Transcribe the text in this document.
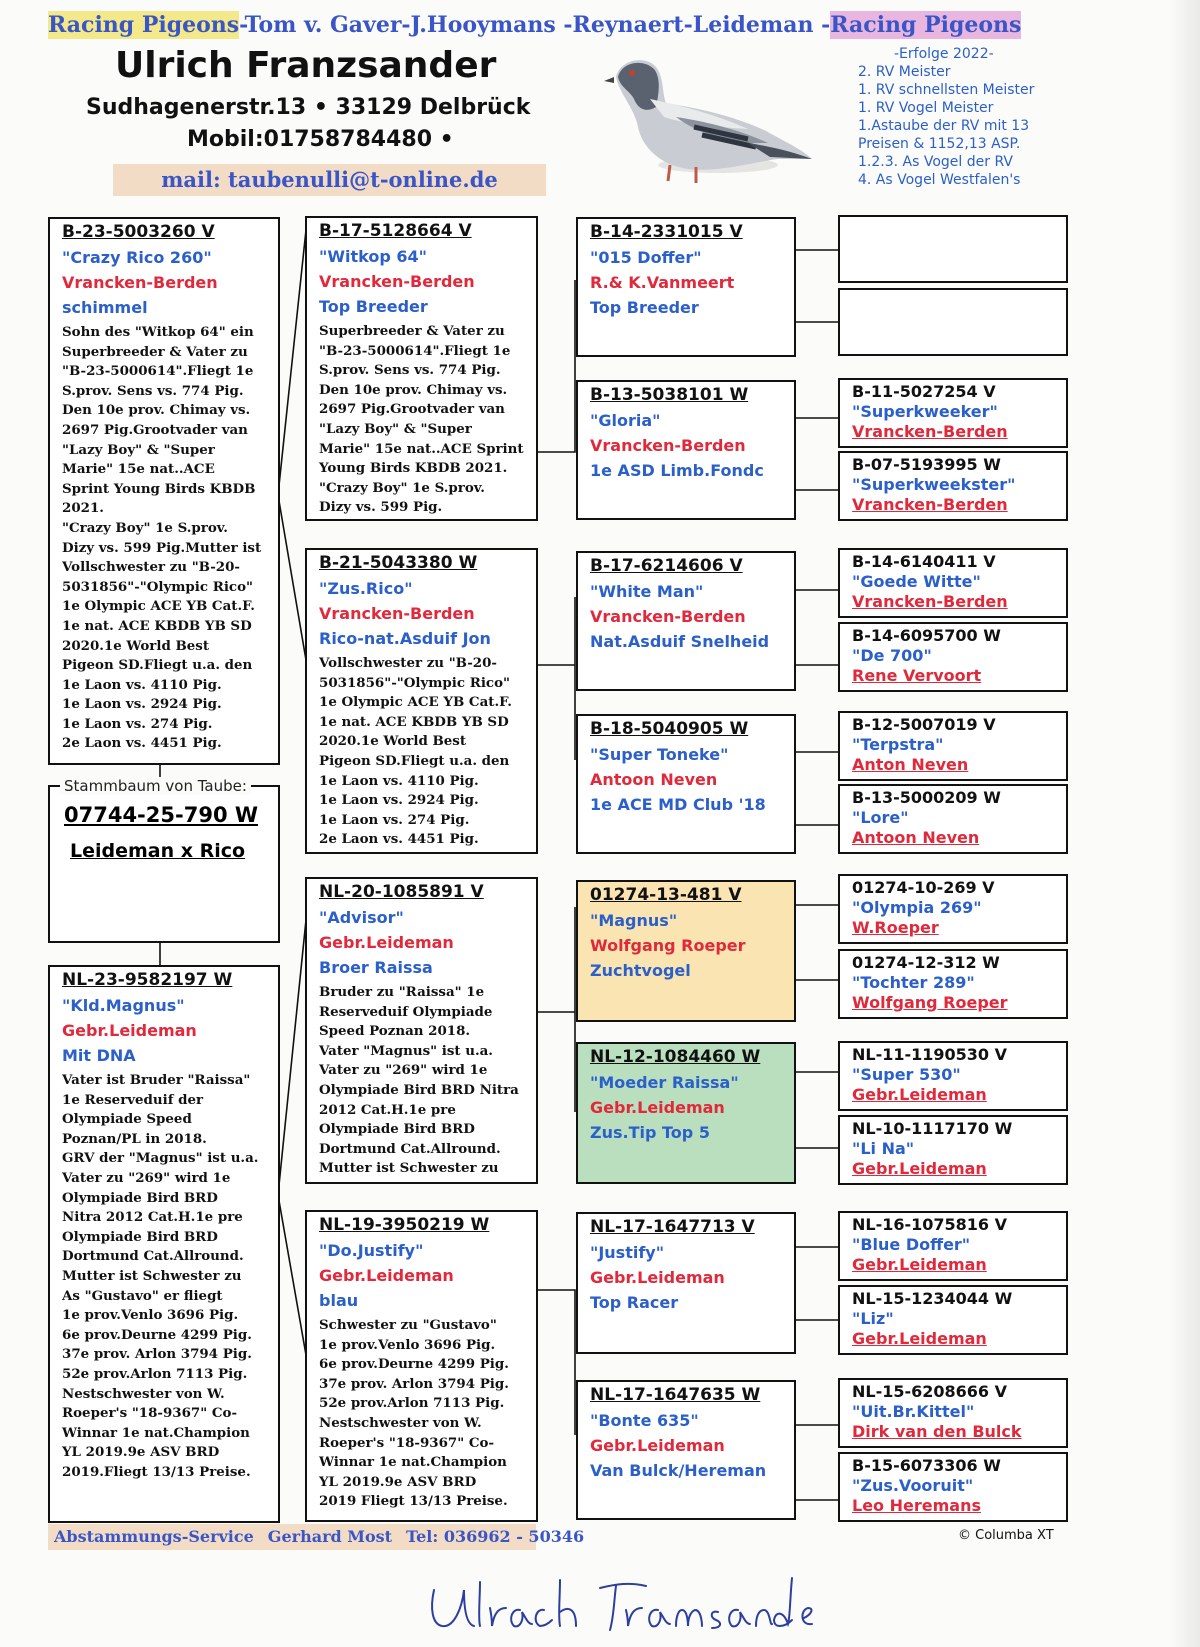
Racing Pigeons-Tom v. Gaver-J.Hooymans -Reynaert-Leideman -Racing Pigeons
Ulrich Franzsander
Sudhagenerstr.13 • 33129 Delbrück
Mobil:01758784480 •
mail: taubenulli@t-online.de
-Erfolge 2022-
2. RV Meister
1. RV schnellsten Meister
1. RV Vogel Meister
1.Astaube der RV mit 13
Preisen & 1152,13 ASP.
1.2.3. As Vogel der RV
4. As Vogel Westfalen's
B-23-5003260 V
"Crazy Rico 260"
Vrancken-Berden
schimmel
Sohn des "Witkop 64" ein
Superbreeder & Vater zu
"B-23-5000614".Fliegt 1e
S.prov. Sens vs. 774 Pig.
Den 10e prov. Chimay vs.
2697 Pig.Grootvader van
"Lazy Boy" & "Super
Marie" 15e nat..ACE
Sprint Young Birds KBDB
2021.
"Crazy Boy" 1e S.prov.
Dizy vs. 599 Pig.Mutter ist
Vollschwester zu "B-20-
5031856"-"Olympic Rico"
1e Olympic ACE YB Cat.F.
1e nat. ACE KBDB YB SD
2020.1e World Best
Pigeon SD.Fliegt u.a. den
1e Laon vs. 4110 Pig.
1e Laon vs. 2924 Pig.
1e Laon vs. 274 Pig.
2e Laon vs. 4451 Pig.
Stammbaum von Taube:
07744-25-790 W
Leideman x Rico
NL-23-9582197 W
"Kld.Magnus"
Gebr.Leideman
Mit DNA
Vater ist Bruder "Raissa"
1e Reserveduif der
Olympiade Speed
Poznan/PL in 2018.
GRV der "Magnus" ist u.a.
Vater zu "269" wird 1e
Olympiade Bird BRD
Nitra 2012 Cat.H.1e pre
Olympiade Bird BRD
Dortmund Cat.Allround.
Mutter ist Schwester zu
As "Gustavo" er fliegt
1e prov.Venlo 3696 Pig.
6e prov.Deurne 4299 Pig.
37e prov. Arlon 3794 Pig.
52e prov.Arlon 7113 Pig.
Nestschwester von W.
Roeper's "18-9367" Co-
Winnar 1e nat.Champion
YL 2019.9e ASV BRD
2019.Fliegt 13/13 Preise.
B-17-5128664 V
"Witkop 64"
Vrancken-Berden
Top Breeder
Superbreeder & Vater zu
"B-23-5000614".Fliegt 1e
S.prov. Sens vs. 774 Pig.
Den 10e prov. Chimay vs.
2697 Pig.Grootvader van
"Lazy Boy" & "Super
Marie" 15e nat..ACE Sprint
Young Birds KBDB 2021.
"Crazy Boy" 1e S.prov.
Dizy vs. 599 Pig.
B-21-5043380 W
"Zus.Rico"
Vrancken-Berden
Rico-nat.Asduif Jon
Vollschwester zu "B-20-
5031856"-"Olympic Rico"
1e Olympic ACE YB Cat.F.
1e nat. ACE KBDB YB SD
2020.1e World Best
Pigeon SD.Fliegt u.a. den
1e Laon vs. 4110 Pig.
1e Laon vs. 2924 Pig.
1e Laon vs. 274 Pig.
2e Laon vs. 4451 Pig.
NL-20-1085891 V
"Advisor"
Gebr.Leideman
Broer Raissa
Bruder zu "Raissa" 1e
Reserveduif Olympiade
Speed Poznan 2018.
Vater "Magnus" ist u.a.
Vater zu "269" wird 1e
Olympiade Bird BRD Nitra
2012 Cat.H.1e pre
Olympiade Bird BRD
Dortmund Cat.Allround.
Mutter ist Schwester zu
NL-19-3950219 W
"Do.Justify"
Gebr.Leideman
blau
Schwester zu "Gustavo"
1e prov.Venlo 3696 Pig.
6e prov.Deurne 4299 Pig.
37e prov. Arlon 3794 Pig.
52e prov.Arlon 7113 Pig.
Nestschwester von W.
Roeper's "18-9367" Co-
Winnar 1e nat.Champion
YL 2019.9e ASV BRD
2019 Fliegt 13/13 Preise.
B-14-2331015 V
"015 Doffer"
R.& K.Vanmeert
Top Breeder
B-13-5038101 W
"Gloria"
Vrancken-Berden
1e ASD Limb.Fondc
B-17-6214606 V
"White Man"
Vrancken-Berden
Nat.Asduif Snelheid
B-18-5040905 W
"Super Toneke"
Antoon Neven
1e ACE MD Club '18
01274-13-481 V
"Magnus"
Wolfgang Roeper
Zuchtvogel
NL-12-1084460 W
"Moeder Raissa"
Gebr.Leideman
Zus.Tip Top 5
NL-17-1647713 V
"Justify"
Gebr.Leideman
Top Racer
NL-17-1647635 W
"Bonte 635"
Gebr.Leideman
Van Bulck/Hereman
B-11-5027254 V
"Superkweeker"
Vrancken-Berden
B-07-5193995 W
"Superkweekster"
Vrancken-Berden
B-14-6140411 V
"Goede Witte"
Vrancken-Berden
B-14-6095700 W
"De 700"
Rene Vervoort
B-12-5007019 V
"Terpstra"
Anton Neven
B-13-5000209 W
"Lore"
Antoon Neven
01274-10-269 V
"Olympia 269"
W.Roeper
01274-12-312 W
"Tochter 289"
Wolfgang Roeper
NL-11-1190530 V
"Super 530"
Gebr.Leideman
NL-10-1117170 W
"Li Na"
Gebr.Leideman
NL-16-1075816 V
"Blue Doffer"
Gebr.Leideman
NL-15-1234044 W
"Liz"
Gebr.Leideman
NL-15-6208666 V
"Uit.Br.Kittel"
Dirk van den Bulck
B-15-6073306 W
"Zus.Vooruit"
Leo Heremans
Abstammungs-Service Gerhard Most Tel: 036962 - 50346	© Columba XT
